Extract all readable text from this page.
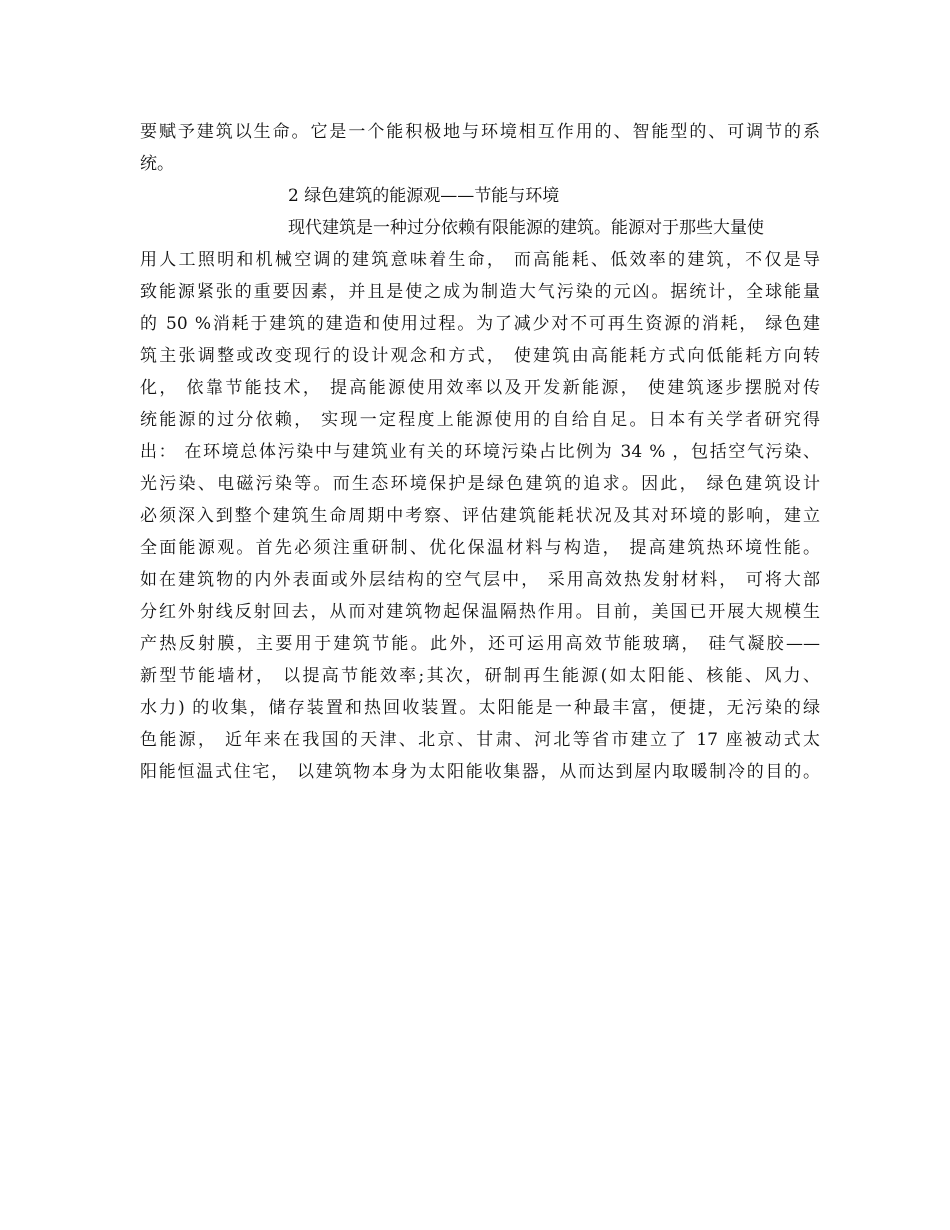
要赋予建筑以生命。它是一个能积极地与环境相互作用的、智能型的、可调节的系
统。
2 绿色建筑的能源观——节能与环境
现代建筑是一种过分依赖有限能源的建筑。能源对于那些大量使
用人工照明和机械空调的建筑意味着生命， 而高能耗、低效率的建筑，不仅是导
致能源紧张的重要因素，并且是使之成为制造大气污染的元凶。据统计，全球能量
的 50 %消耗于建筑的建造和使用过程。为了减少对不可再生资源的消耗， 绿色建
筑主张调整或改变现行的设计观念和方式， 使建筑由高能耗方式向低能耗方向转
化， 依靠节能技术， 提高能源使用效率以及开发新能源， 使建筑逐步摆脱对传
统能源的过分依赖， 实现一定程度上能源使用的自给自足。日本有关学者研究得
出： 在环境总体污染中与建筑业有关的环境污染占比例为 34 % ，包括空气污染、
光污染、电磁污染等。而生态环境保护是绿色建筑的追求。因此， 绿色建筑设计
必须深入到整个建筑生命周期中考察、评估建筑能耗状况及其对环境的影响，建立
全面能源观。首先必须注重研制、优化保温材料与构造， 提高建筑热环境性能。
如在建筑物的内外表面或外层结构的空气层中， 采用高效热发射材料， 可将大部
分红外射线反射回去，从而对建筑物起保温隔热作用。目前，美国已开展大规模生
产热反射膜，主要用于建筑节能。此外，还可运用高效节能玻璃， 硅气凝胶——
新型节能墙材， 以提高节能效率;其次，研制再生能源(如太阳能、核能、风力、
水力) 的收集，储存装置和热回收装置。太阳能是一种最丰富，便捷，无污染的绿
色能源， 近年来在我国的天津、北京、甘肃、河北等省市建立了 17 座被动式太
阳能恒温式住宅， 以建筑物本身为太阳能收集器，从而达到屋内取暖制冷的目的。
